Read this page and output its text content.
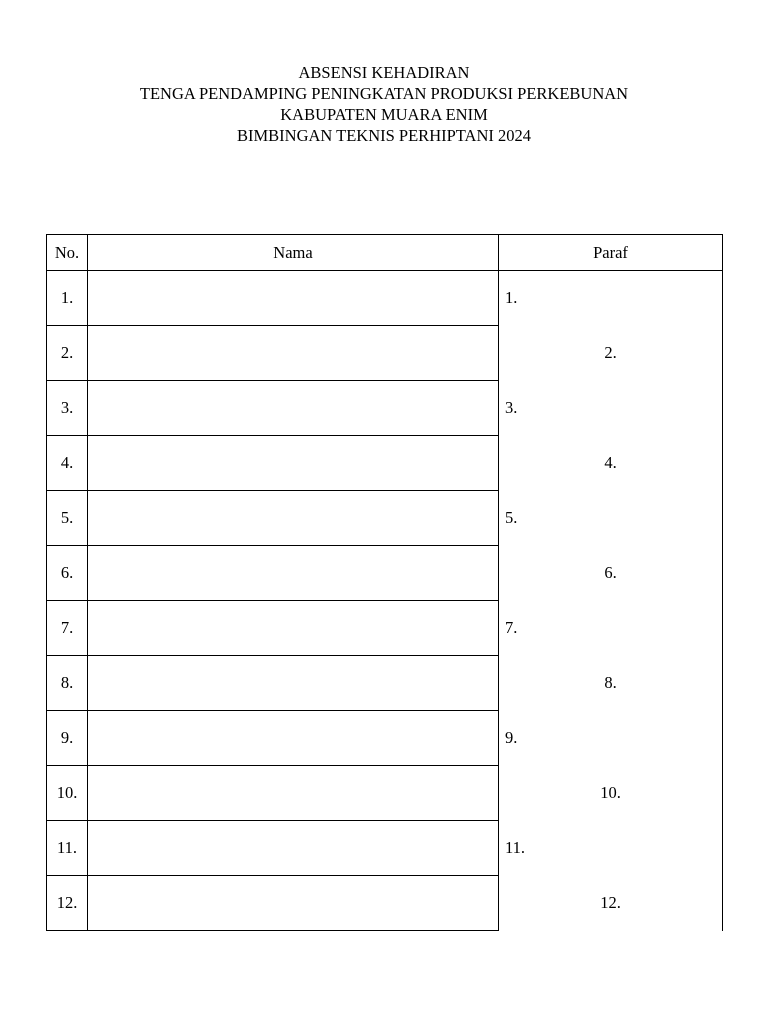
ABSENSI KEHADIRAN
TENGA PENDAMPING PENINGKATAN PRODUKSI PERKEBUNAN
KABUPATEN MUARA ENIM
BIMBINGAN TEKNIS PERHIPTANI 2024
No.	Nama	Paraf
1.		1.
2.		2.
3.		3.
4.		4.
5.		5.
6.		6.
7.		7.
8.		8.
9.		9.
10.		10.
11.		11.
12.		12.
